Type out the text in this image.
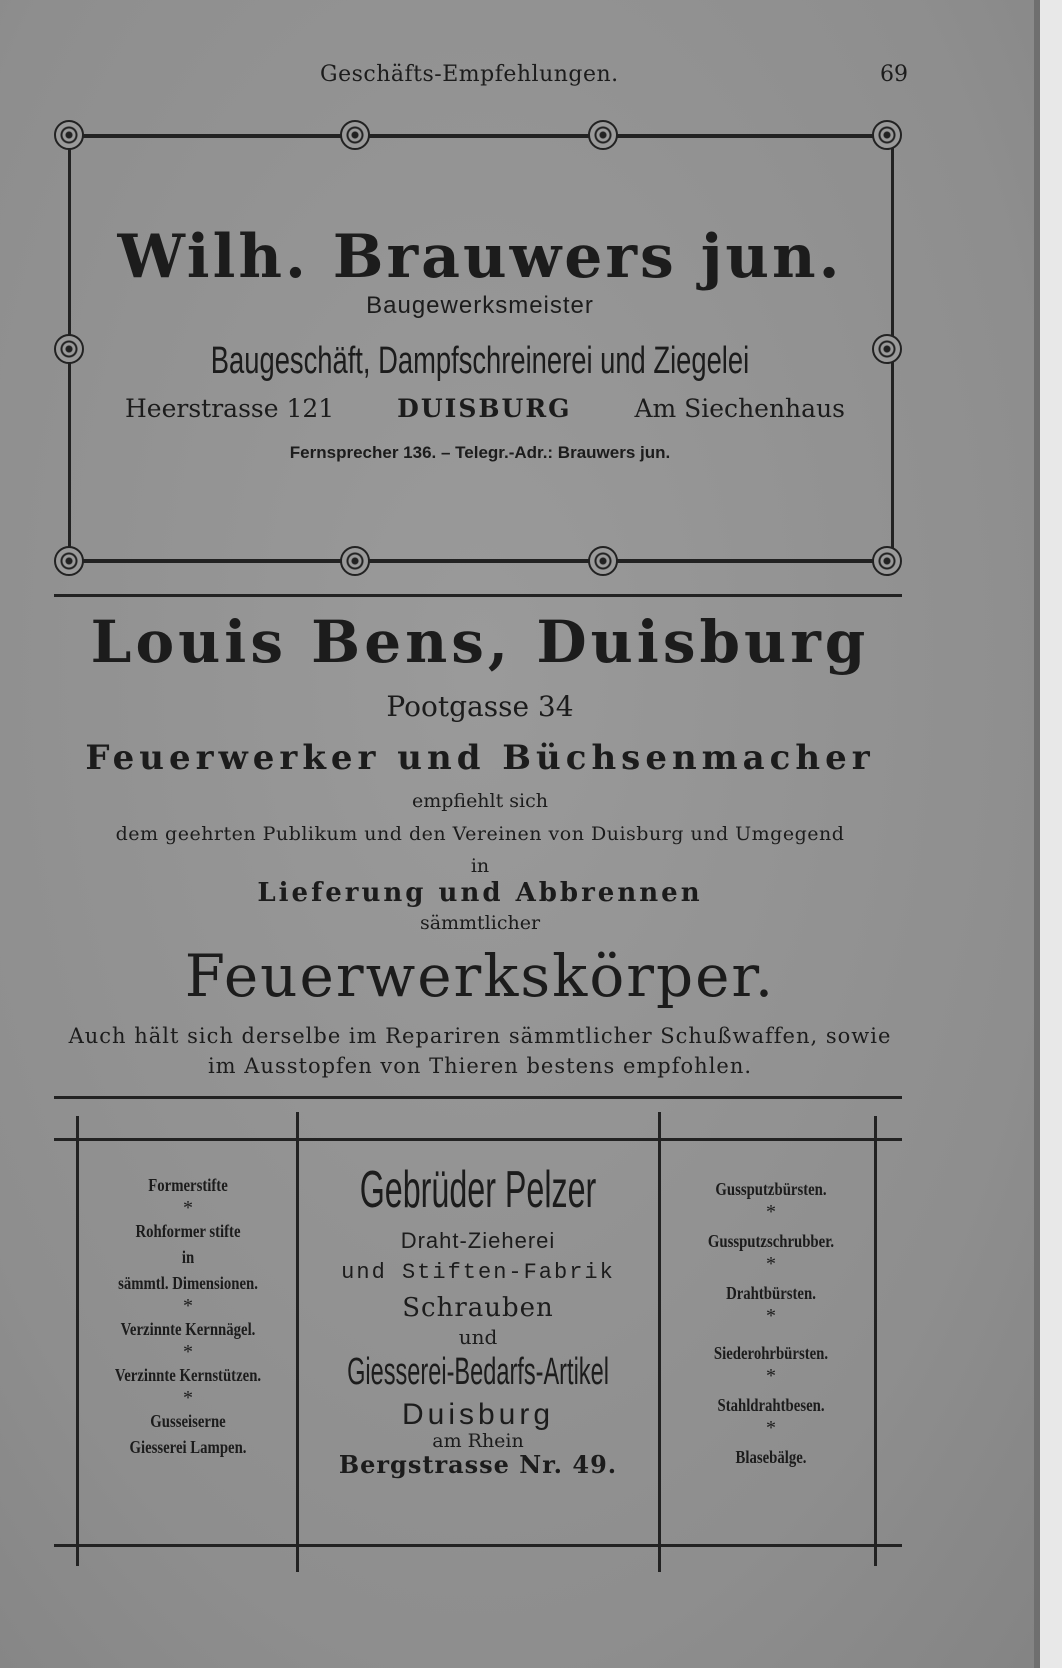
Geschäfts-Empfehlungen.	69
Wilh. Brauwers jun.
Baugewerksmeister
Baugeschäft, Dampfschreinerei und Ziegelei
Heerstrasse 121	DUISBURG	Am Siechenhaus
Fernsprecher 136. – Telegr.-Adr.: Brauwers jun.
Louis Bens, Duisburg
Pootgasse 34
Feuerwerker und Büchsenmacher
empfiehlt sich
dem geehrten Publikum und den Vereinen von Duisburg und Umgegend
in
Lieferung und Abbrennen
sämmtlicher
Feuerwerkskörper.
Auch hält sich derselbe im Repariren sämmtlicher Schußwaffen, sowie
im Ausstopfen von Thieren bestens empfohlen.
Formerstifte
*
Rohformer stifte
in
sämmtl. Dimensionen.
*
Verzinnte Kernnägel.
*
Verzinnte Kernstützen.
*
Gusseiserne
Giesserei Lampen.
Gebrüder Pelzer
Draht-Zieherei
und Stiften-Fabrik
Schrauben
und
Giesserei-Bedarfs-Artikel
Duisburg
am Rhein
Bergstrasse Nr. 49.
Gussputzbürsten.
*
Gussputzschrubber.
*
Drahtbürsten.
*
Siederohrbürsten.
*
Stahldrahtbesen.
*
Blasebälge.
